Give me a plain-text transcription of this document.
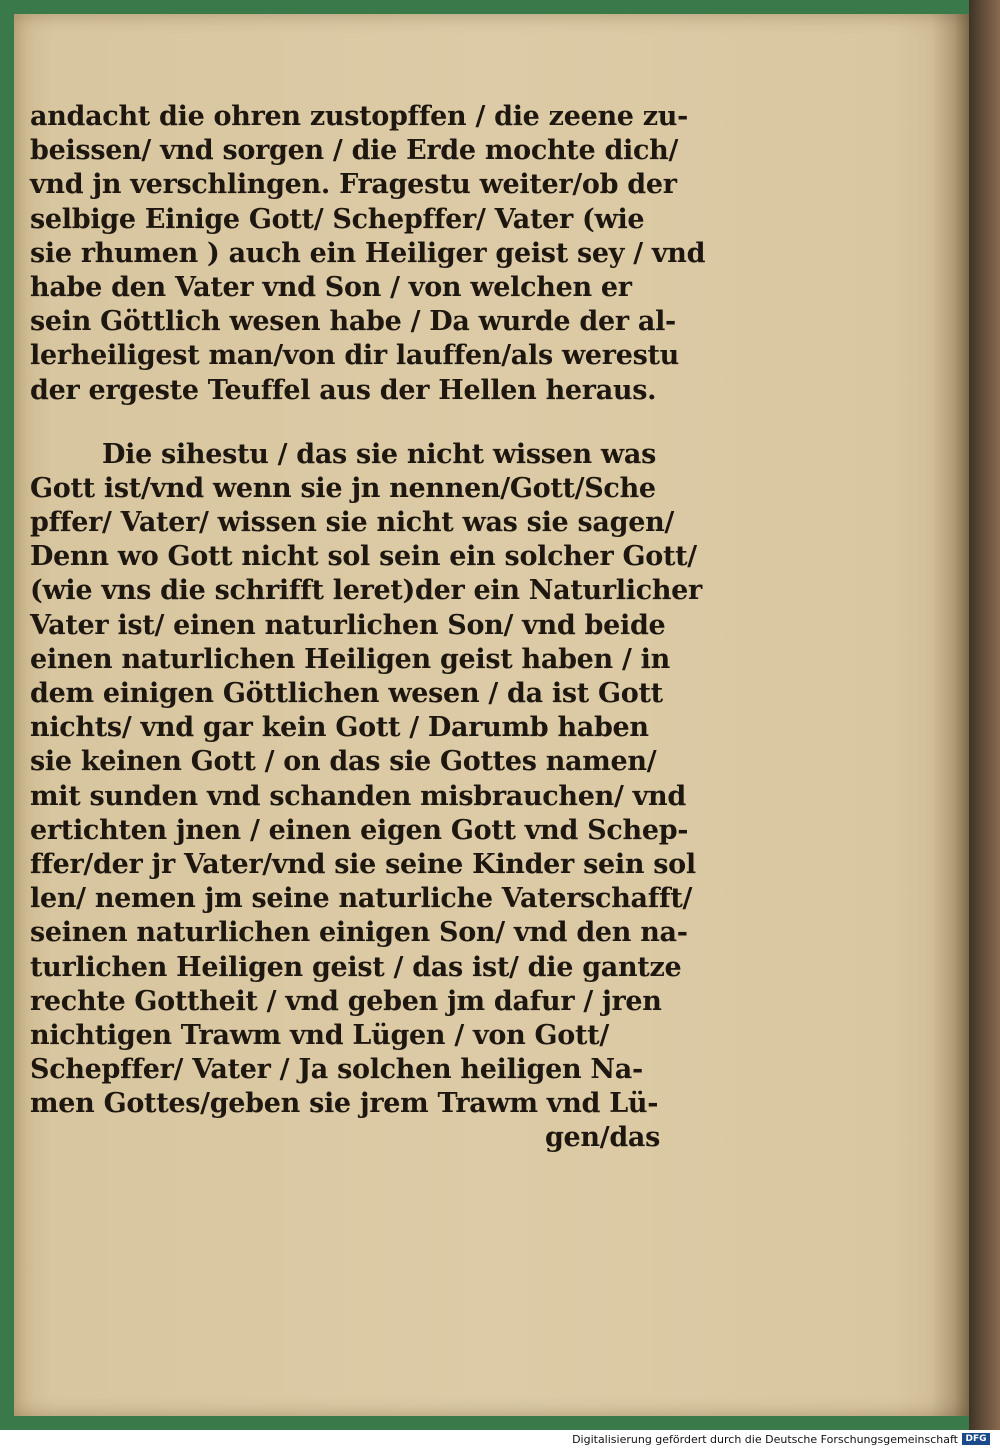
andacht die ohren zustopffen / die zeene zu-
beissen/ vnd sorgen / die Erde mochte dich/
vnd jn verschlingen. Fragestu weiter/ob der
selbige Einige Gott/ Schepffer/ Vater (wie
sie rhumen ) auch ein Heiliger geist sey / vnd
habe den Vater vnd Son / von welchen er
sein Göttlich wesen habe / Da wurde der al-
lerheiligest man/von dir lauffen/als werestu
der ergeste Teuffel aus der Hellen heraus.
Die sihestu / das sie nicht wissen was
Gott ist/vnd wenn sie jn nennen/Gott/Sche
pffer/ Vater/ wissen sie nicht was sie sagen/
Denn wo Gott nicht sol sein ein solcher Gott/
(wie vns die schrifft leret)der ein Naturlicher
Vater ist/ einen naturlichen Son/ vnd beide
einen naturlichen Heiligen geist haben / in
dem einigen Göttlichen wesen / da ist Gott
nichts/ vnd gar kein Gott / Darumb haben
sie keinen Gott / on das sie Gottes namen/
mit sunden vnd schanden misbrauchen/ vnd
ertichten jnen / einen eigen Gott vnd Schep-
ffer/der jr Vater/vnd sie seine Kinder sein sol
len/ nemen jm seine naturliche Vaterschafft/
seinen naturlichen einigen Son/ vnd den na-
turlichen Heiligen geist / das ist/ die gantze
rechte Gottheit / vnd geben jm dafur / jren
nichtigen Trawm vnd Lügen / von Gott/
Schepffer/ Vater / Ja solchen heiligen Na-
men Gottes/geben sie jrem Trawm vnd Lü-
gen/das
Digitalisierung gefördert durch die Deutsche Forschungsgemeinschaft DFG
